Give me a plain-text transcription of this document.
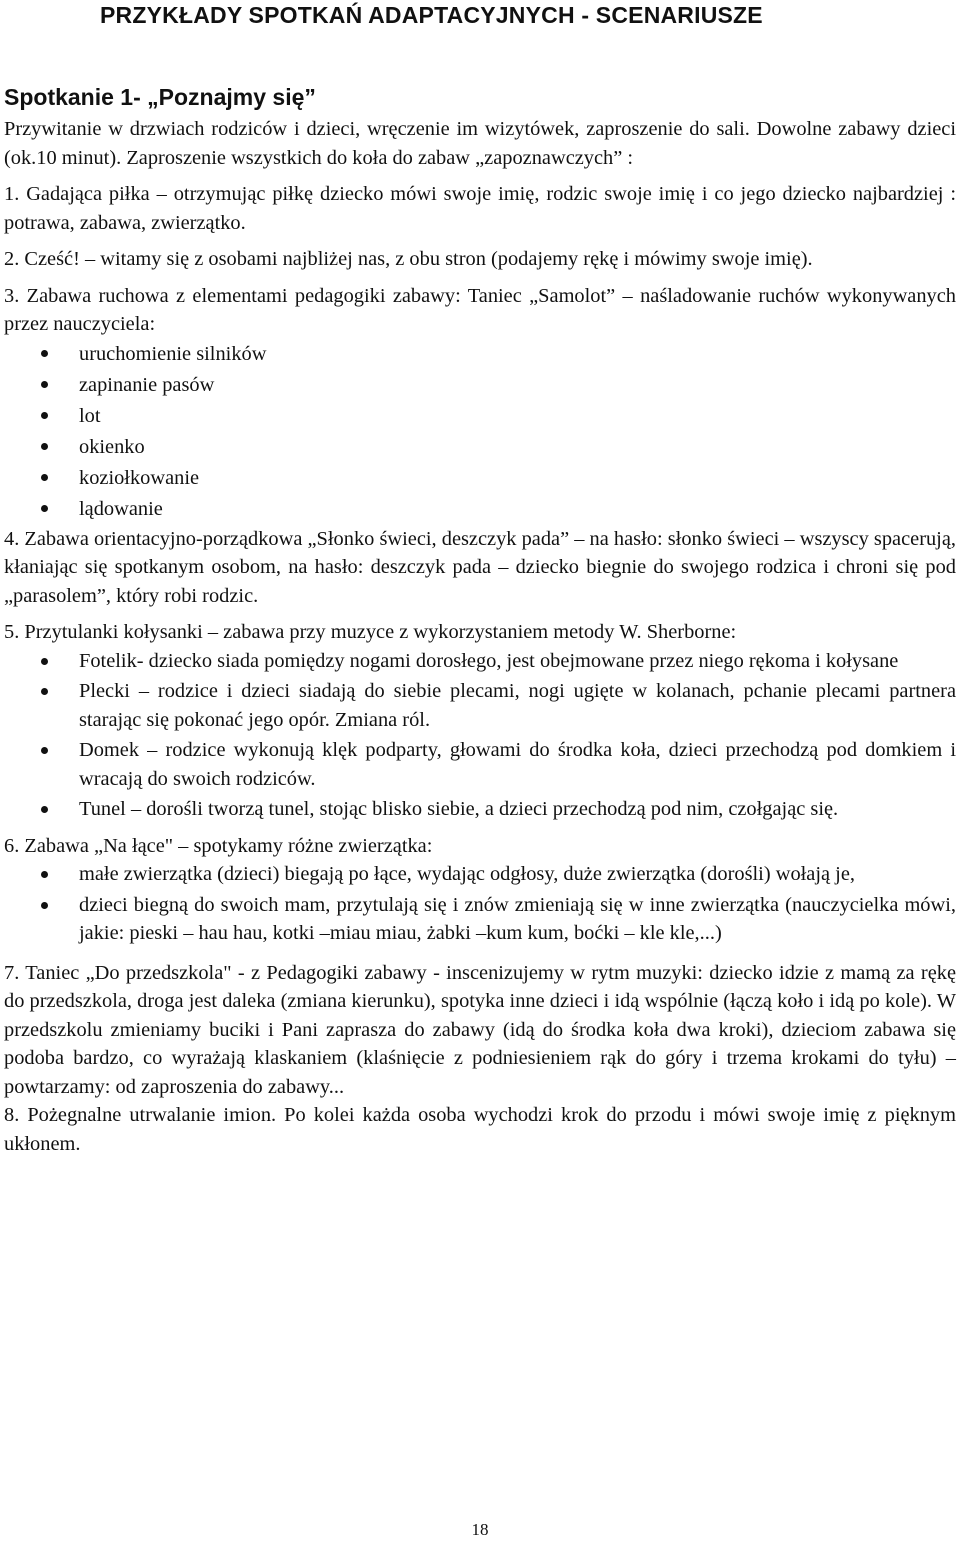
PRZYKŁADY SPOTKAŃ ADAPTACYJNYCH - SCENARIUSZE
Spotkanie 1- „Poznajmy się”

Przywitanie w drzwiach rodziców i dzieci, wręczenie im wizytówek, zaproszenie do sali. Dowolne zabawy dzieci (ok.10 minut). Zaproszenie wszystkich do koła do zabaw „zapoznawczych” :

1. Gadająca piłka – otrzymując piłkę dziecko mówi swoje imię, rodzic swoje imię i co jego dziecko najbardziej : potrawa, zabawa, zwierzątko.

2. Cześć! – witamy się z osobami najbliżej nas, z obu stron (podajemy rękę i mówimy swoje imię).

3. Zabawa ruchowa z elementami pedagogiki zabawy: Taniec „Samolot” – naśladowanie ruchów wykonywanych przez nauczyciela:

uruchomienie silników
zapinanie pasów
lot
okienko
koziołkowanie
lądowanie

4. Zabawa orientacyjno-porządkowa „Słonko świeci, deszczyk pada” – na hasło: słonko świeci – wszyscy spacerują, kłaniając się spotkanym osobom, na hasło: deszczyk pada – dziecko biegnie do swojego rodzica i chroni się pod „parasolem”, który robi rodzic.

5. Przytulanki kołysanki – zabawa przy muzyce z wykorzystaniem metody W. Sherborne:

Fotelik- dziecko siada pomiędzy nogami dorosłego, jest obejmowane przez niego rękoma i kołysane
Plecki – rodzice i dzieci siadają do siebie plecami, nogi ugięte w kolanach, pchanie plecami partnera starając się pokonać jego opór. Zmiana ról.
Domek – rodzice wykonują klęk podparty, głowami do środka koła, dzieci przechodzą pod domkiem i wracają do swoich rodziców.
Tunel – dorośli tworzą tunel, stojąc blisko siebie, a dzieci przechodzą pod nim, czołgając się.

6. Zabawa „Na łące" – spotykamy różne zwierzątka:

małe zwierzątka (dzieci) biegają po łące, wydając odgłosy, duże zwierzątka (dorośli) wołają je,
dzieci biegną do swoich mam, przytulają się i znów zmieniają się w inne zwierzątka (nauczycielka mówi, jakie: pieski – hau hau, kotki –miau miau, żabki –kum kum, boćki – kle kle,...)

7. Taniec „Do przedszkola" - z Pedagogiki zabawy - inscenizujemy w rytm muzyki: dziecko idzie z mamą za rękę do przedszkola, droga jest daleka (zmiana kierunku), spotyka inne dzieci i idą wspólnie (łączą koło i idą po kole). W przedszkolu zmieniamy buciki i Pani zaprasza do zabawy (idą do środka koła dwa kroki), dzieciom zabawa się podoba bardzo, co wyrażają klaskaniem (klaśnięcie z podniesieniem rąk do góry i trzema krokami do tyłu) – powtarzamy: od zaproszenia do zabawy...

8. Pożegnalne utrwalanie imion. Po kolei każda osoba wychodzi krok do przodu i mówi swoje imię z pięknym ukłonem.

18
